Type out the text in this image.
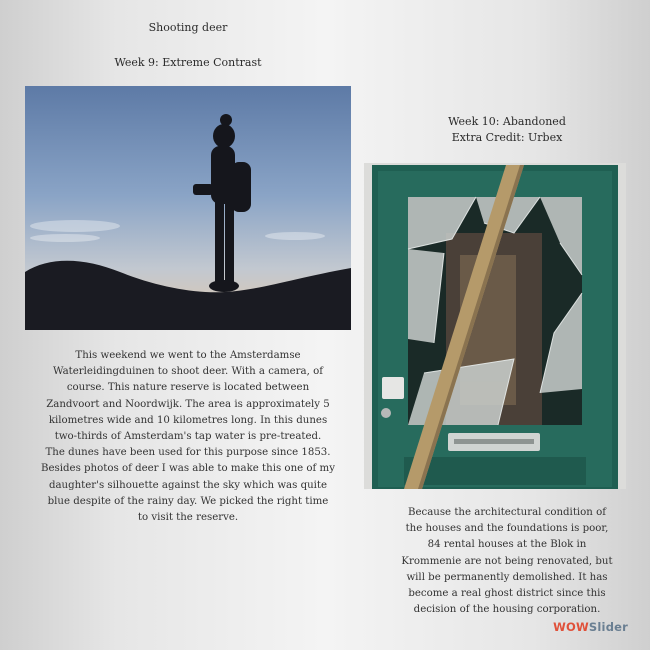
Shooting deer
Week 9: Extreme Contrast
This weekend we went to the Amsterdamse
Waterleidingduinen to shoot deer. With a camera, of
course. This nature reserve is located between
Zandvoort and Noordwijk. The area is approximately 5
kilometres wide and 10 kilometres long. In this dunes
two-thirds of Amsterdam's tap water is pre-treated.
The dunes have been used for this purpose since 1853.
Besides photos of deer I was able to make this one of my
daughter's silhouette against the sky which was quite
blue despite of the rainy day. We picked the right time
to visit the reserve.
Week 10: Abandoned
Extra Credit: Urbex
Because the architectural condition of
the houses and the foundations is poor,
84 rental houses at the Blok in
Krommenie are not being renovated, but
will be permanently demolished. It has
become a real ghost district since this
decision of the housing corporation.
WOWSlider
